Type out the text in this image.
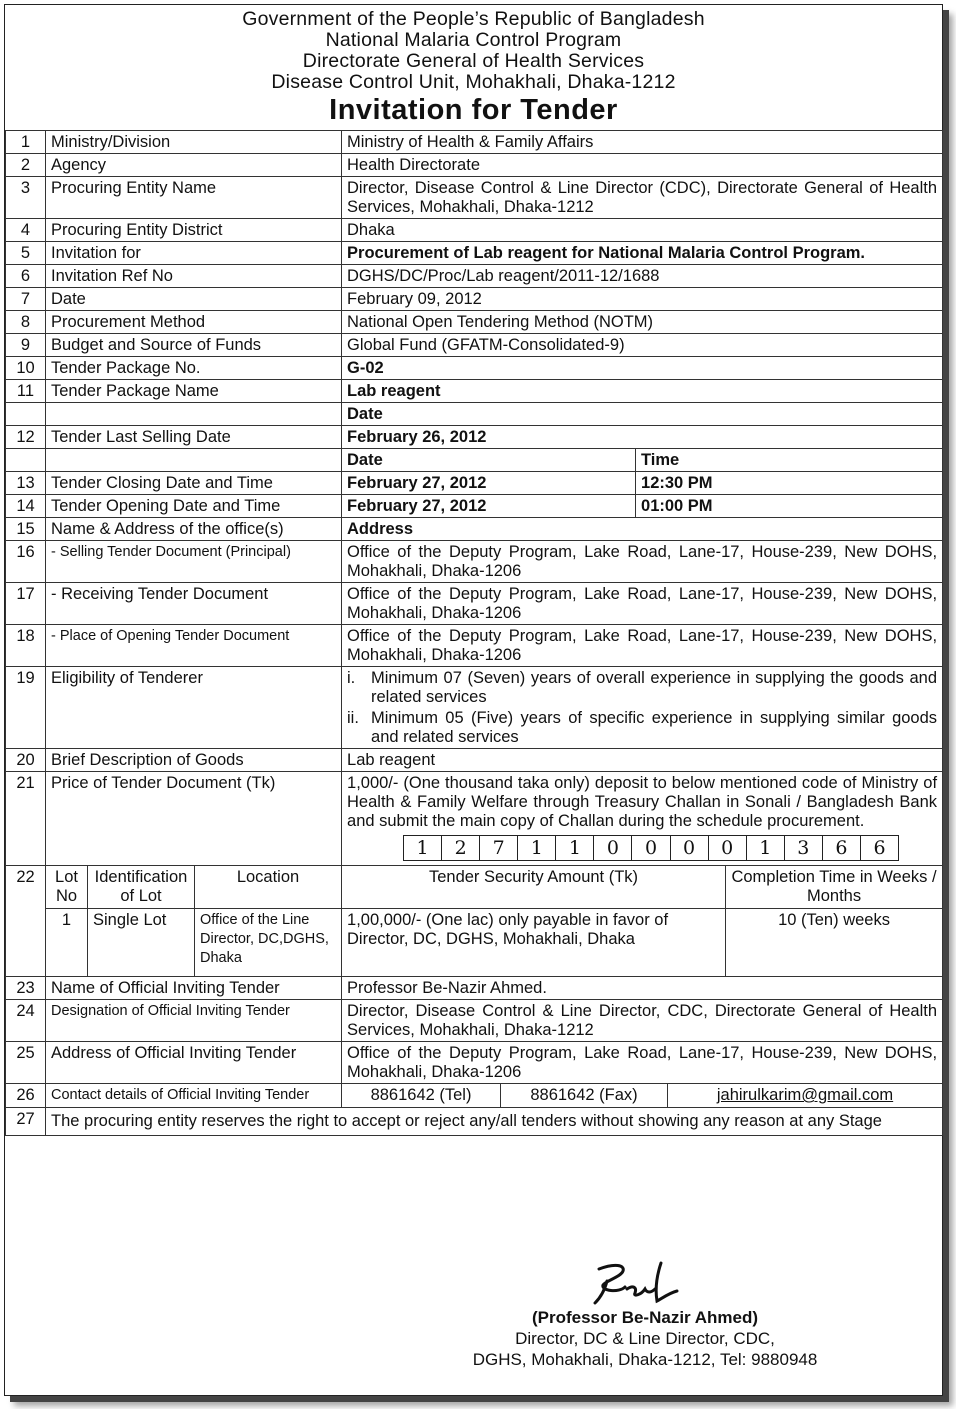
Government of the People’s Republic of Bangladesh
National Malaria Control Program
Directorate General of Health Services
Disease Control Unit, Mohakhali, Dhaka-1212
Invitation for Tender
1	Ministry/Division	Ministry of Health & Family Affairs
2	Agency	Health Directorate
3	Procuring Entity Name	Director, Disease Control & Line Director (CDC), Directorate General of Health Services, Mohakhali, Dhaka-1212
4	Procuring Entity District	Dhaka
5	Invitation for	Procurement of Lab reagent for National Malaria Control Program.
6	Invitation Ref No	DGHS/DC/Proc/Lab reagent/2011-12/1688
7	Date	February 09, 2012
8	Procurement Method	National Open Tendering Method (NOTM)
9	Budget and Source of Funds	Global Fund (GFATM-Consolidated-9)
10	Tender Package No.	G-02
11	Tender Package Name	Lab reagent
		Date
12	Tender Last Selling Date	February 26, 2012
		Date	Time
13	Tender Closing Date and Time	February 27, 2012	12:30 PM
14	Tender Opening Date and Time	February 27, 2012	01:00 PM
15	Name & Address of the office(s)	Address
16	- Selling Tender Document (Principal)	Office of the Deputy Program, Lake Road, Lane-17, House-239, New DOHS, Mohakhali, Dhaka-1206
17	- Receiving Tender Document	Office of the Deputy Program, Lake Road, Lane-17, House-239, New DOHS, Mohakhali, Dhaka-1206
18	- Place of Opening Tender Document	Office of the Deputy Program, Lake Road, Lane-17, House-239, New DOHS, Mohakhali, Dhaka-1206
19	Eligibility of Tenderer	i. Minimum 07 (Seven) years of overall experience in supplying the goods and related services
ii. Minimum 05 (Five) years of specific experience in supplying similar goods and related services

20	Brief Description of Goods	Lab reagent
21	Price of Tender Document (Tk)	1,000/- (One thousand taka only) deposit to below mentioned code of Ministry of Health & Family Welfare through Treasury Challan in Sonali / Bangladesh Bank and submit the main copy of Challan during the schedule procurement.
1	2	7	1	1	0	0	0	0	1	3	6	6

22	Lot No	Identification of Lot	Location	Tender Security Amount (Tk)	Completion Time in Weeks / Months
1	Single Lot	Office of the Line Director, DC,DGHS, Dhaka	1,00,000/- (One lac) only payable in favor of Director, DC, DGHS, Mohakhali, Dhaka	10 (Ten) weeks
23	Name of Official Inviting Tender	Professor Be-Nazir Ahmed.
24	Designation of Official Inviting Tender	Director, Disease Control & Line Director, CDC, Directorate General of Health Services, Mohakhali, Dhaka-1212
25	Address of Official Inviting Tender	Office of the Deputy Program, Lake Road, Lane-17, House-239, New DOHS, Mohakhali, Dhaka-1206
26	Contact details of Official Inviting Tender		8861642 (Tel)	8861642 (Fax)	jahirulkarim@gmail.com

27	The procuring entity reserves the right to accept or reject any/all tenders without showing any reason at any Stage
(Professor Be-Nazir Ahmed)
Director, DC & Line Director, CDC,
DGHS, Mohakhali, Dhaka-1212, Tel: 9880948
